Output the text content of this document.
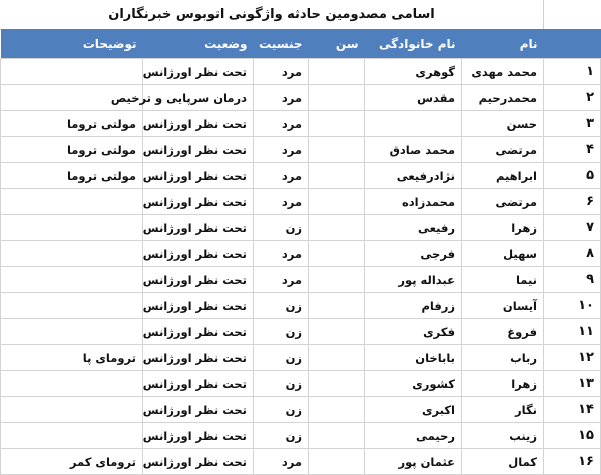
اسامی مصدومین حادثه واژگونی اتوبوس خبرنگاران
	نام	نام خانوادگی	سن	جنسیت	وضعیت	توضیحات
۱	محمد مهدی	گوهری		مرد	تحت نظر اورژانس	
۲	محمدرحیم	مقدس		مرد	درمان سرپایی و ترخیص	
۳	حسن			مرد	تحت نظر اورژانس	مولتی تروما
۴	مرتضی	محمد صادق		مرد	تحت نظر اورژانس	مولتی تروما
۵	ابراهیم	نژادرفیعی		مرد	تحت نظر اورژانس	مولتی تروما
۶	مرتضی	محمدزاده		مرد	تحت نظر اورژانس	
۷	زهرا	رفیعی		زن	تحت نظر اورژانس	
۸	سهیل	فرجی		مرد	تحت نظر اورژانس	
۹	نیما	عبداله پور		مرد	تحت نظر اورژانس	
۱۰	آیسان	زرفام		زن	تحت نظر اورژانس	
۱۱	فروغ	فکری		زن	تحت نظر اورژانس	
۱۲	رباب	باباخان		زن	تحت نظر اورژانس	ترومای پا
۱۳	زهرا	کشوری		زن	تحت نظر اورژانس	
۱۴	نگار	اکبری		زن	تحت نظر اورژانس	
۱۵	زینب	رحیمی		زن	تحت نظر اورژانس	
۱۶	کمال	عثمان پور		مرد	تحت نظر اورژانس	ترومای کمر
